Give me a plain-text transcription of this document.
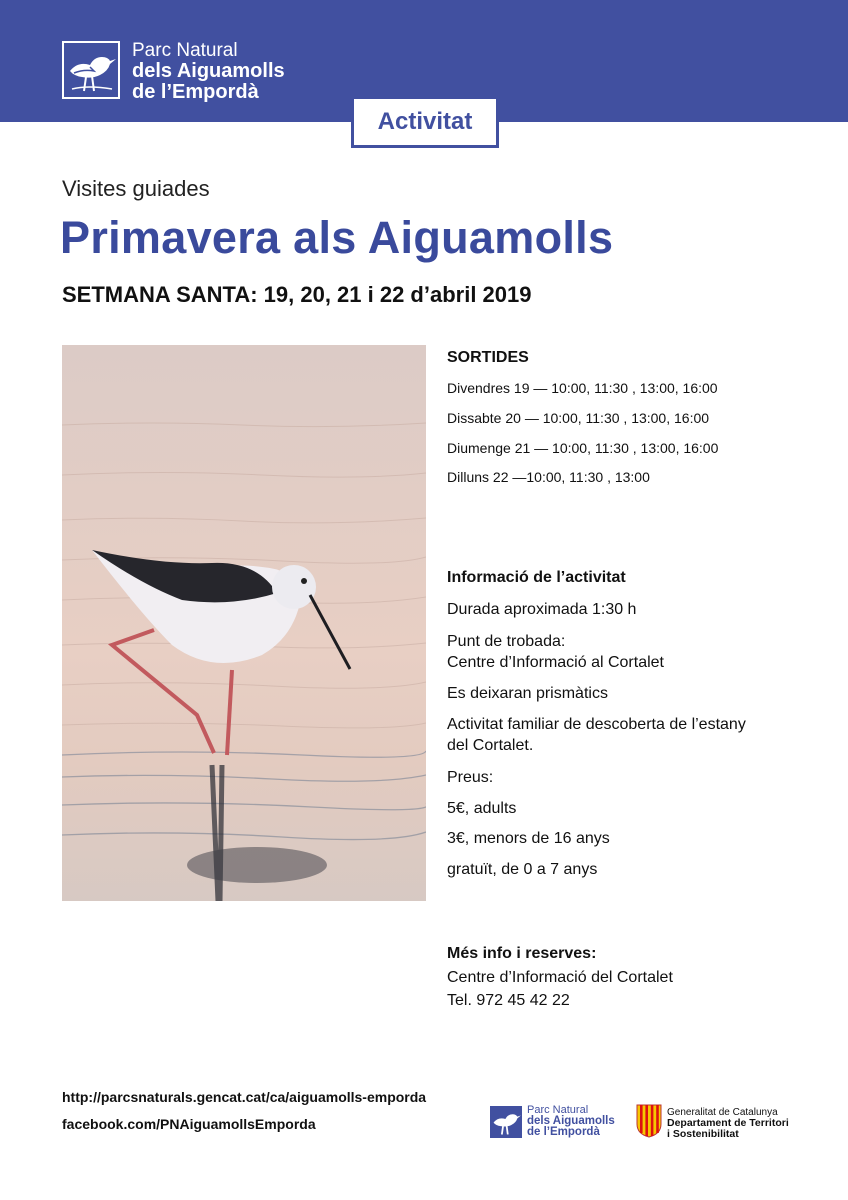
Parc Natural
dels Aiguamolls
de l’Empordà
Activitat
Visites guiades
Primavera als Aiguamolls
SETMANA SANTA: 19, 20, 21 i 22 d’abril 2019
SORTIDES
Divendres 19 — 10:00, 11:30 , 13:00, 16:00
Dissabte 20 — 10:00, 11:30 , 13:00, 16:00
Diumenge 21 — 10:00, 11:30 , 13:00, 16:00
Dilluns 22 —10:00, 11:30 , 13:00
Informació de l’activitat
Durada aproximada 1:30 h
Punt de trobada:
Centre d’Informació al Cortalet
Es deixaran prismàtics
Activitat familiar de descoberta de l’estany
del Cortalet.
Preus:
5€, adults
3€, menors de 16 anys
gratuït, de 0 a 7 anys
Més info i reserves:
Centre d’Informació del Cortalet
Tel. 972 45 42 22
http://parcsnaturals.gencat.cat/ca/aiguamolls-emporda
facebook.com/PNAiguamollsEmporda
Parc Natural
dels Aiguamolls
de l’Empordà
Generalitat de Catalunya
Departament de Territori
i Sostenibilitat
